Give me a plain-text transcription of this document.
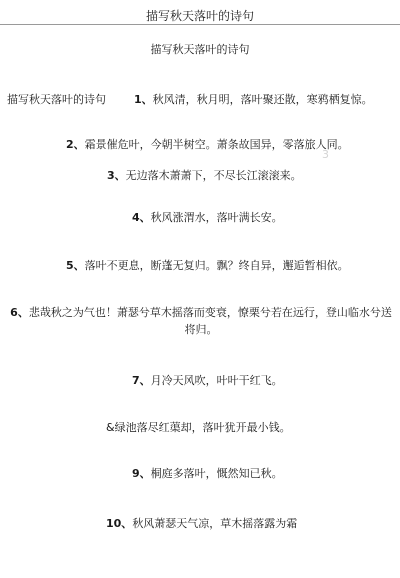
描写秋天落叶的诗句
描写秋天落叶的诗句
描写秋天落叶的诗句	1、秋风清，秋月明，落叶聚还散，寒鸦栖复惊。
2、霜景催危叶，今朝半树空。萧条故国异，零落旅人同。
3
3、无边落木萧萧下，不尽长江滚滚来。
4、秋风涨渭水，落叶满长安。
5、落叶不更息，断蓬无复归。飘？终自异，邂逅暂相依。
6、悲哉秋之为气也！萧瑟兮草木摇落而变衰，憭栗兮若在远行，登山临水兮送将归。
7、月冷天风吹，叶叶干红飞。
&绿池落尽红蕖却，落叶犹开最小钱。
9、桐庭多落叶，慨然知已秋。
10、秋风萧瑟天气凉，草木摇落露为霜
